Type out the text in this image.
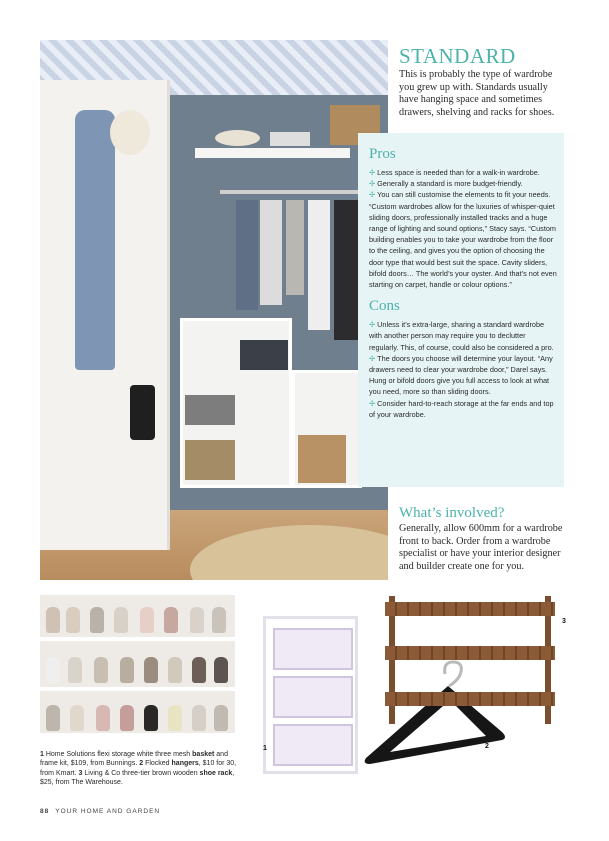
STANDARD
This is probably the type of wardrobe you grew up with. Standards usually have hanging space and sometimes drawers, shelving and racks for shoes.
Pros
✢ Less space is needed than for a walk-in wardrobe.
✢ Generally a standard is more budget-friendly.
✢ You can still customise the elements to fit your needs. “Custom wardrobes allow for the luxuries of whisper-quiet sliding doors, professionally installed tracks and a huge range of lighting and sound options,” Stacy says. “Custom building enables you to take your wardrobe from the floor to the ceiling, and gives you the option of choosing the door type that would best suit the space. Cavity sliders, bifold doors… The world’s your oyster. And that’s not even starting on carpet, handle or colour options.”
Cons
✢ Unless it’s extra-large, sharing a standard wardrobe with another person may require you to declutter regularly. This, of course, could also be considered a pro.
✢ The doors you choose will determine your layout. “Any drawers need to clear your wardrobe door,” Darel says. Hung or bifold doors give you full access to look at what you need, more so than sliding doors.
✢ Consider hard-to-reach storage at the far ends and top of your wardrobe.
What’s involved?
Generally, allow 600mm for a wardrobe front to back. Order from a wardrobe specialist or have your interior designer and builder create one for you.
1	2
3
1 Home Solutions flexi storage white three mesh basket and frame kit, $109, from Bunnings. 2 Flocked hangers, $10 for 30, from Kmart. 3 Living & Co three-tier brown wooden shoe rack, $25, from The Warehouse.
88 YOUR HOME AND GARDEN
